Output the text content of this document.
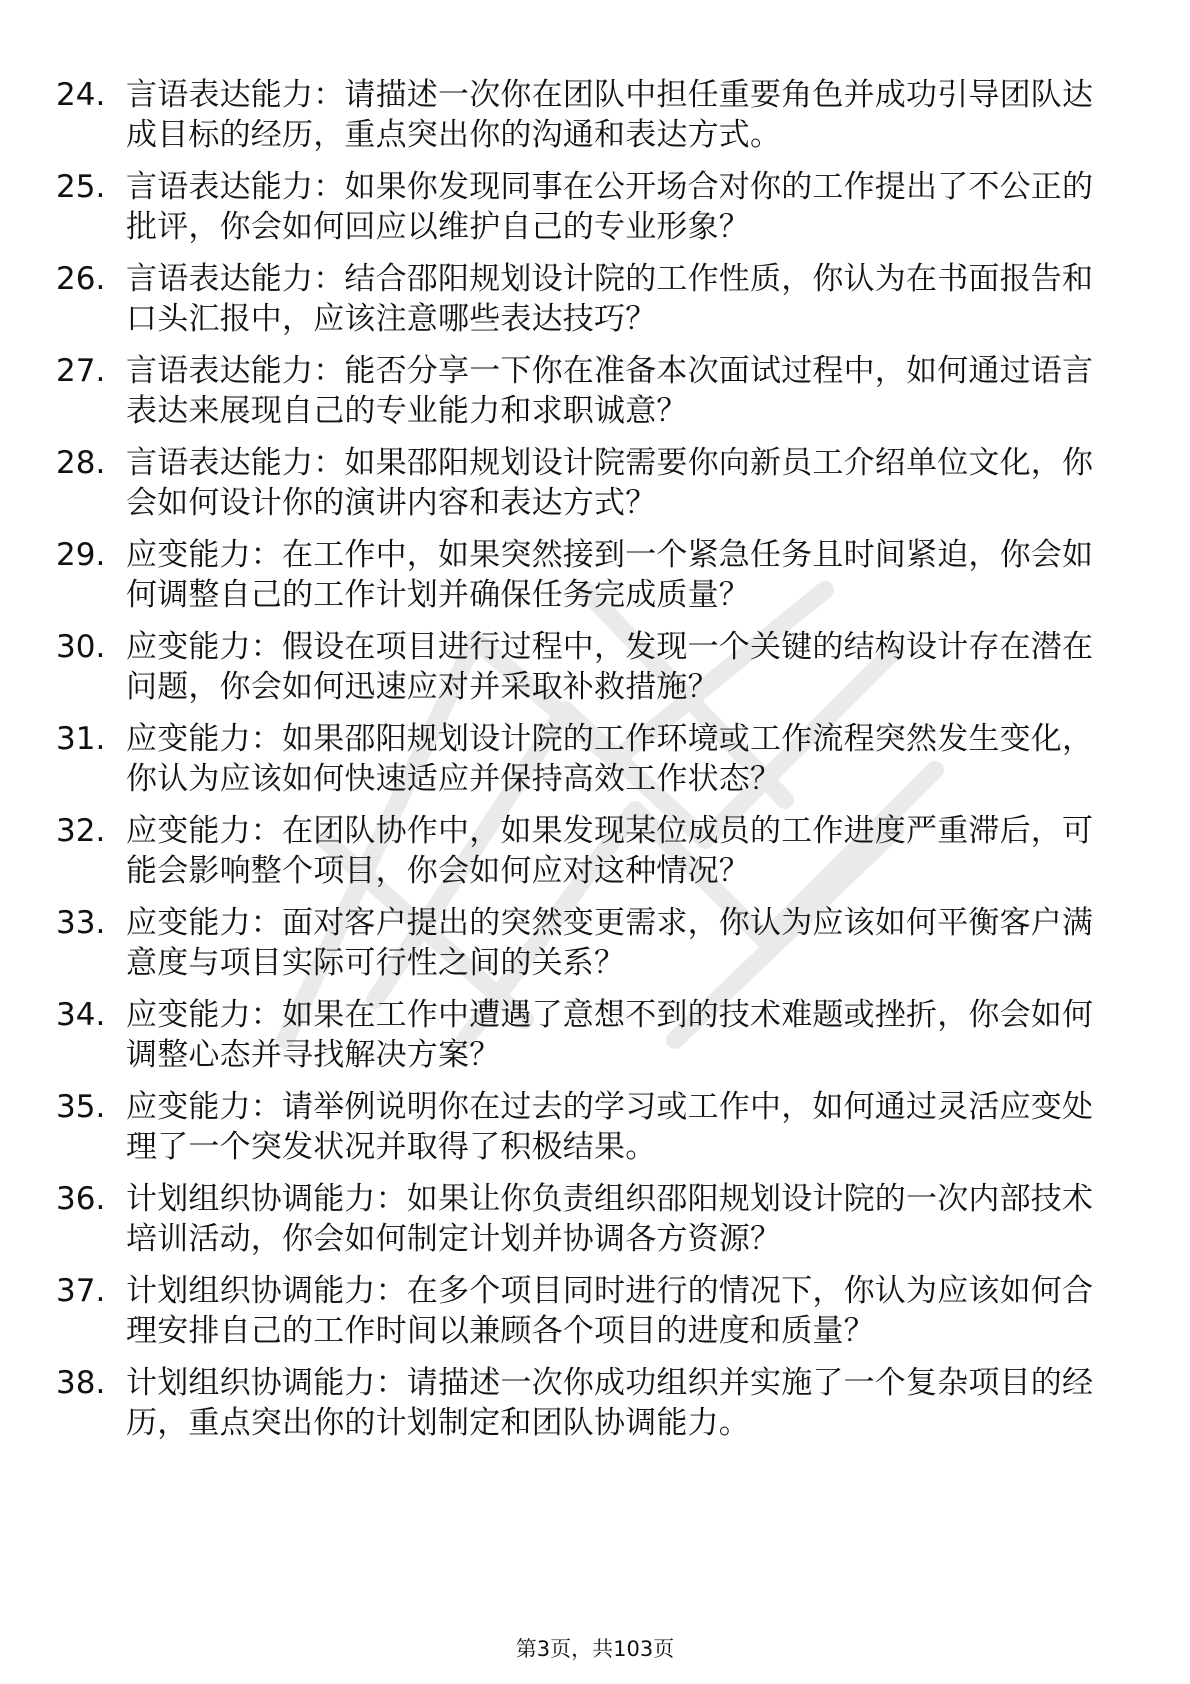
24. 言语表达能力：请描述一次你在团队中担任重要角色并成功引导团队达成目标的经历，重点突出你的沟通和表达方式。
25. 言语表达能力：如果你发现同事在公开场合对你的工作提出了不公正的批评，你会如何回应以维护自己的专业形象？
26. 言语表达能力：结合邵阳规划设计院的工作性质，你认为在书面报告和口头汇报中，应该注意哪些表达技巧？
27. 言语表达能力：能否分享一下你在准备本次面试过程中，如何通过语言表达来展现自己的专业能力和求职诚意？
28. 言语表达能力：如果邵阳规划设计院需要你向新员工介绍单位文化，你会如何设计你的演讲内容和表达方式？
29. 应变能力：在工作中，如果突然接到一个紧急任务且时间紧迫，你会如何调整自己的工作计划并确保任务完成质量？
30. 应变能力：假设在项目进行过程中，发现一个关键的结构设计存在潜在问题，你会如何迅速应对并采取补救措施？
31. 应变能力：如果邵阳规划设计院的工作环境或工作流程突然发生变化，你认为应该如何快速适应并保持高效工作状态？
32. 应变能力：在团队协作中，如果发现某位成员的工作进度严重滞后，可能会影响整个项目，你会如何应对这种情况？
33. 应变能力：面对客户提出的突然变更需求，你认为应该如何平衡客户满意度与项目实际可行性之间的关系？
34. 应变能力：如果在工作中遭遇了意想不到的技术难题或挫折，你会如何调整心态并寻找解决方案？
35. 应变能力：请举例说明你在过去的学习或工作中，如何通过灵活应变处理了一个突发状况并取得了积极结果。
36. 计划组织协调能力：如果让你负责组织邵阳规划设计院的一次内部技术培训活动，你会如何制定计划并协调各方资源？
37. 计划组织协调能力：在多个项目同时进行的情况下，你认为应该如何合理安排自己的工作时间以兼顾各个项目的进度和质量？
38. 计划组织协调能力：请描述一次你成功组织并实施了一个复杂项目的经历，重点突出你的计划制定和团队协调能力。
第3页，共103页
